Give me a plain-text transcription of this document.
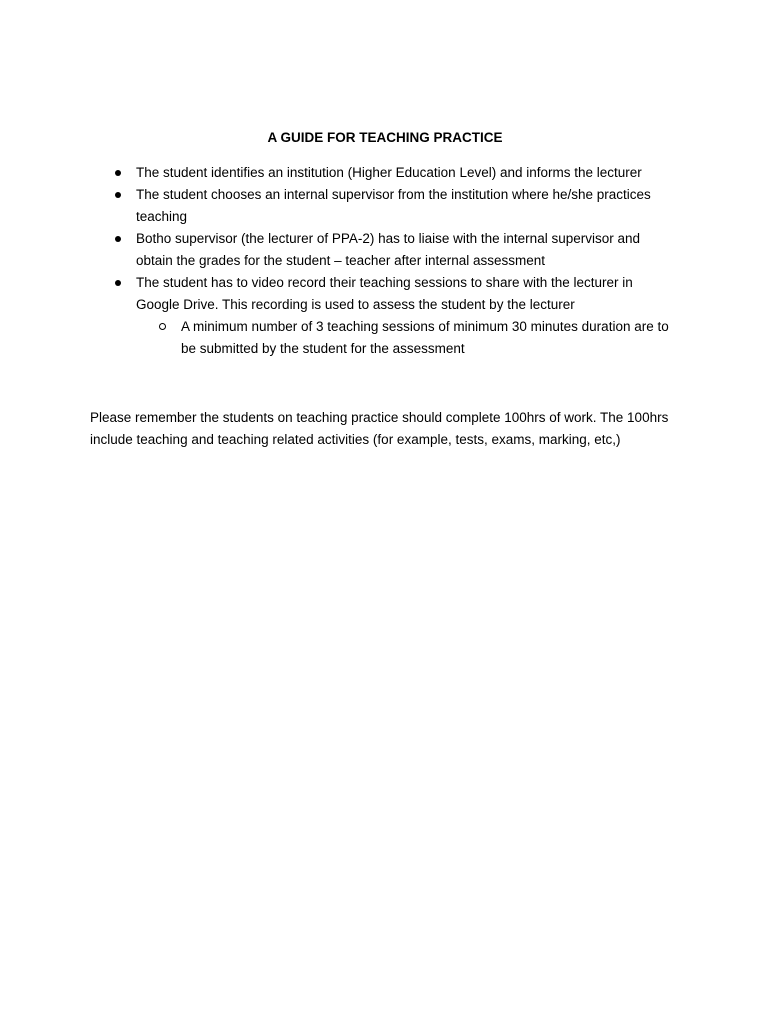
A GUIDE FOR TEACHING PRACTICE
The student identifies an institution (Higher Education Level) and informs the lecturer
The student chooses an internal supervisor from the institution where he/she practices teaching
Botho supervisor (the lecturer of PPA-2) has to liaise with the internal supervisor and obtain the grades for the student – teacher after internal assessment
The student has to video record their teaching sessions to share with the lecturer in Google Drive. This recording is used to assess the student by the lecturer
A minimum number of 3 teaching sessions of minimum 30 minutes duration are to be submitted by the student for the assessment

Please remember the students on teaching practice should complete 100hrs of work. The 100hrs include teaching and teaching related activities (for example, tests, exams, marking, etc,)
